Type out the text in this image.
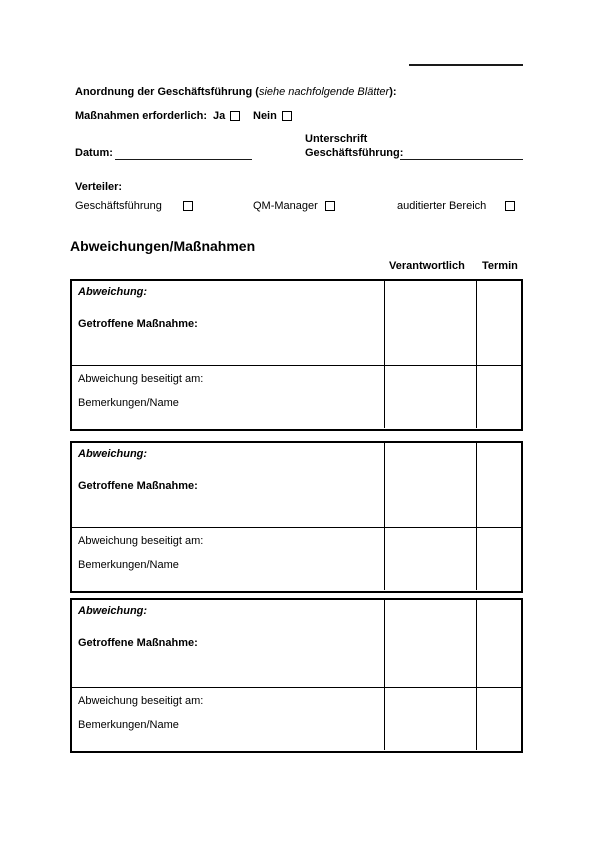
Anordnung der Geschäftsführung (siehe nachfolgende Blätter):
Maßnahmen erforderlich: Ja	Nein
Unterschrift
Datum:	Geschäftsführung:
Verteiler:
Geschäftsführung	QM-Manager	auditierter Bereich
Abweichungen/Maßnahmen
Verantwortlich Termin
Abweichung:
Getroffene Maßnahme:
Abweichung beseitigt am:
Bemerkungen/Name
Abweichung:
Getroffene Maßnahme:
Abweichung beseitigt am:
Bemerkungen/Name
Abweichung:
Getroffene Maßnahme:
Abweichung beseitigt am:
Bemerkungen/Name
